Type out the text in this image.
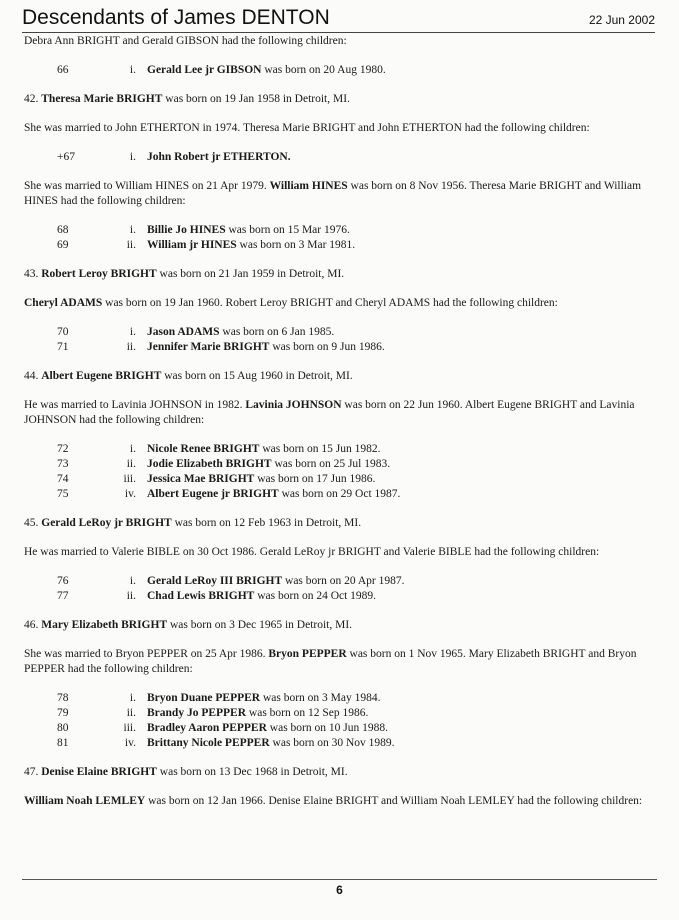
Descendants of James DENTON	22 Jun 2002

Debra Ann BRIGHT and Gerald GIBSON had the following children:

66	i. Gerald Lee jr GIBSON was born on 20 Aug 1980.

42. Theresa Marie BRIGHT was born on 19 Jan 1958 in Detroit, MI.

She was married to John ETHERTON in 1974. Theresa Marie BRIGHT and John ETHERTON had the following children:

+67	i. John Robert jr ETHERTON.

She was married to William HINES on 21 Apr 1979. William HINES was born on 8 Nov 1956. Theresa Marie BRIGHT and William HINES had the following children:

68	i. Billie Jo HINES was born on 15 Mar 1976.
69	ii. William jr HINES was born on 3 Mar 1981.

43. Robert Leroy BRIGHT was born on 21 Jan 1959 in Detroit, MI.

Cheryl ADAMS was born on 19 Jan 1960. Robert Leroy BRIGHT and Cheryl ADAMS had the following children:

70	i. Jason ADAMS was born on 6 Jan 1985.
71	ii. Jennifer Marie BRIGHT was born on 9 Jun 1986.

44. Albert Eugene BRIGHT was born on 15 Aug 1960 in Detroit, MI.

He was married to Lavinia JOHNSON in 1982. Lavinia JOHNSON was born on 22 Jun 1960. Albert Eugene BRIGHT and Lavinia JOHNSON had the following children:

72	i. Nicole Renee BRIGHT was born on 15 Jun 1982.
73	ii. Jodie Elizabeth BRIGHT was born on 25 Jul 1983.
74	iii. Jessica Mae BRIGHT was born on 17 Jun 1986.
75	iv. Albert Eugene jr BRIGHT was born on 29 Oct 1987.

45. Gerald LeRoy jr BRIGHT was born on 12 Feb 1963 in Detroit, MI.

He was married to Valerie BIBLE on 30 Oct 1986. Gerald LeRoy jr BRIGHT and Valerie BIBLE had the following children:

76	i. Gerald LeRoy III BRIGHT was born on 20 Apr 1987.
77	ii. Chad Lewis BRIGHT was born on 24 Oct 1989.

46. Mary Elizabeth BRIGHT was born on 3 Dec 1965 in Detroit, MI.

She was married to Bryon PEPPER on 25 Apr 1986. Bryon PEPPER was born on 1 Nov 1965. Mary Elizabeth BRIGHT and Bryon PEPPER had the following children:

78	i. Bryon Duane PEPPER was born on 3 May 1984.
79	ii. Brandy Jo PEPPER was born on 12 Sep 1986.
80	iii. Bradley Aaron PEPPER was born on 10 Jun 1988.
81	iv. Brittany Nicole PEPPER was born on 30 Nov 1989.

47. Denise Elaine BRIGHT was born on 13 Dec 1968 in Detroit, MI.

William Noah LEMLEY was born on 12 Jan 1966. Denise Elaine BRIGHT and William Noah LEMLEY had the following children:

6
